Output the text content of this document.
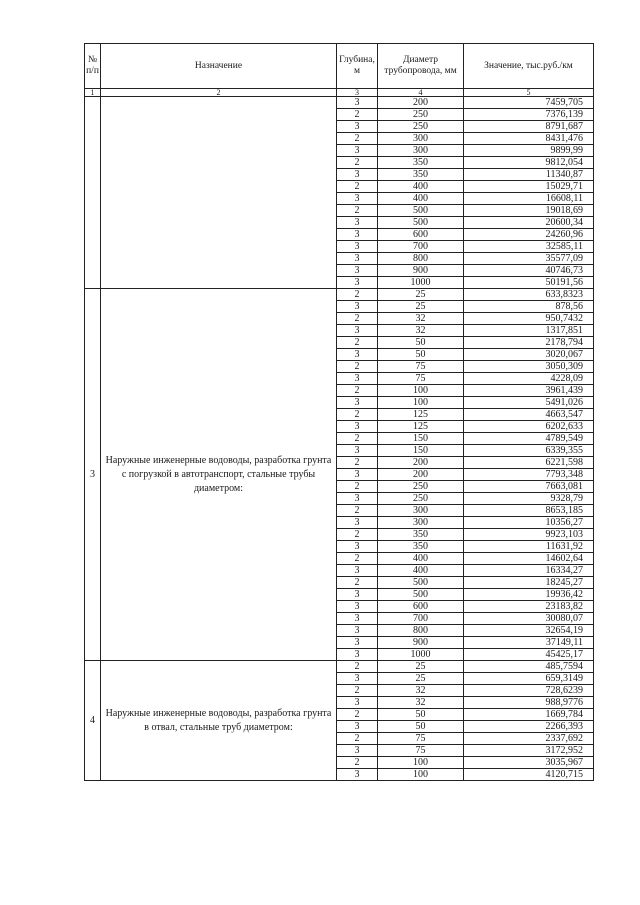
№ п/п	Назначение	Глубина, м	Диаметр трубопровода, мм	Значение, тыс.руб./км
1	2	3	4	5
		3	200	7459,705
		2	250	7376,139
		3	250	8791,687
		2	300	8431,476
		3	300	9899,99
		2	350	9812,054
		3	350	11340,87
		2	400	15029,71
		3	400	16608,11
		2	500	19018,69
		3	500	20600,34
		3	600	24260,96
		3	700	32585,11
		3	800	35577,09
		3	900	40746,73
		3	1000	50191,56
3	Наружные инженерные водоводы, разработка грунта с погрузкой в автотранспорт, стальные трубы диаметром:	2	25	633,8323
		3	25	878,56
		2	32	950,7432
		3	32	1317,851
		2	50	2178,794
		3	50	3020,067
		2	75	3050,309
		3	75	4228,09
		2	100	3961,439
		3	100	5491,026
		2	125	4663,547
		3	125	6202,633
		2	150	4789,549
		3	150	6339,355
		2	200	6221,598
		3	200	7793,348
		2	250	7663,081
		3	250	9328,79
		2	300	8653,185
		3	300	10356,27
		2	350	9923,103
		3	350	11631,92
		2	400	14602,64
		3	400	16334,27
		2	500	18245,27
		3	500	19936,42
		3	600	23183,82
		3	700	30080,07
		3	800	32654,19
		3	900	37149,11
		3	1000	45425,17
4	Наружные инженерные водоводы, разработка грунта в отвал, стальные труб диаметром:	2	25	485,7594
		3	25	659,3149
		2	32	728,6239
		3	32	988,9776
		2	50	1669,784
		3	50	2266,393
		2	75	2337,692
		3	75	3172,952
		2	100	3035,967
		3	100	4120,715
